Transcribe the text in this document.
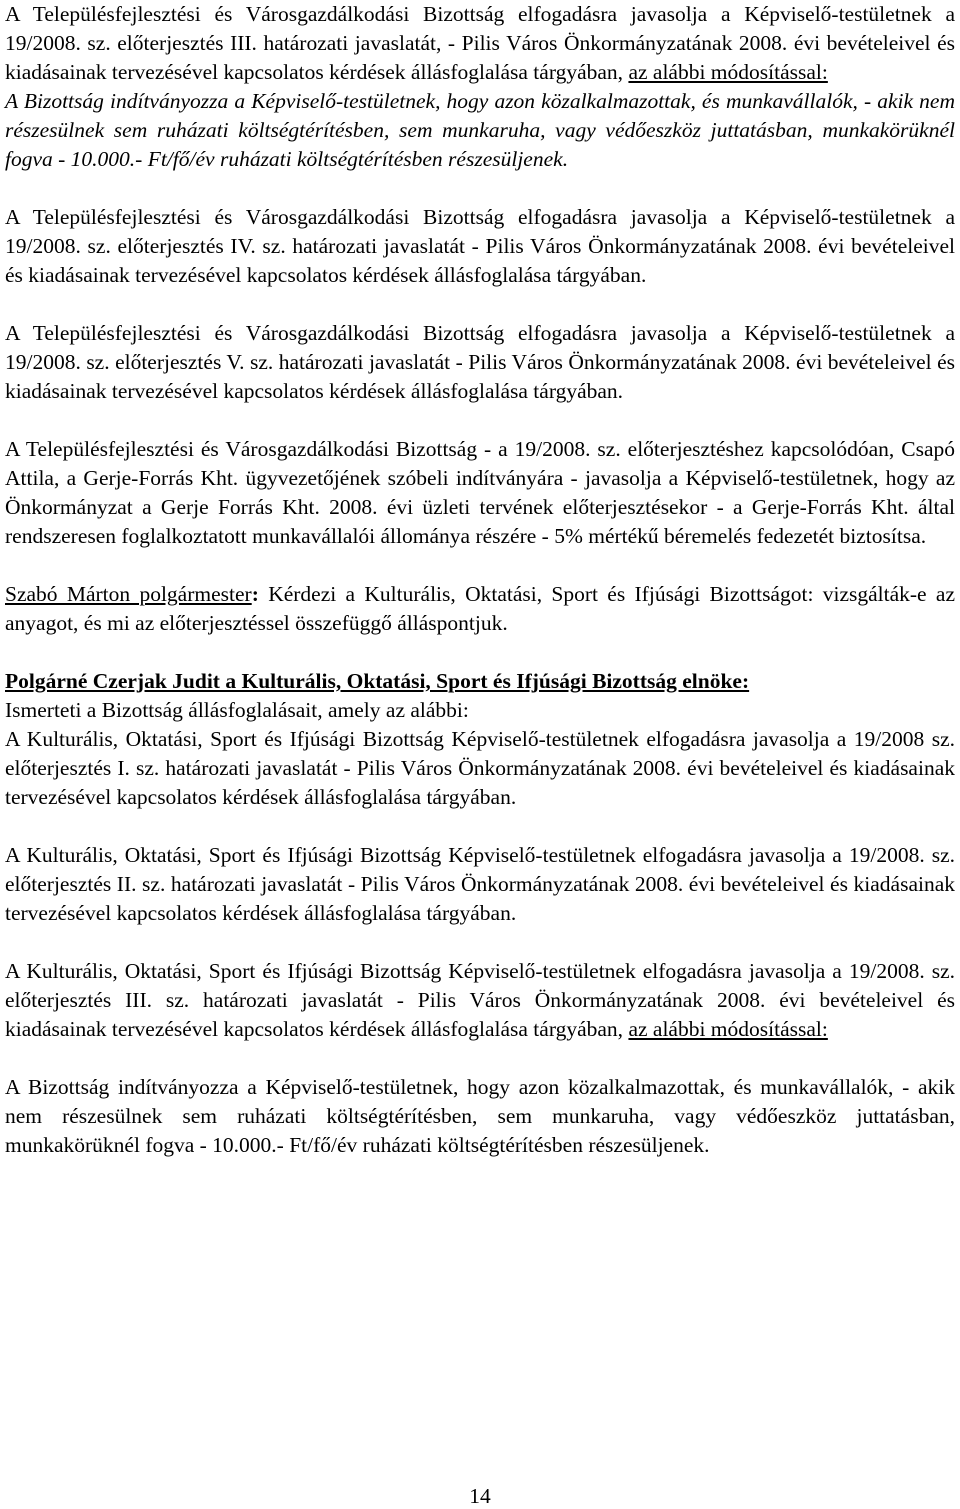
A Településfejlesztési és Városgazdálkodási Bizottság elfogadásra javasolja a Képviselő-testületnek a 19/2008. sz. előterjesztés III. határozati javaslatát, - Pilis Város Önkormányzatának 2008. évi bevételeivel és kiadásainak tervezésével kapcsolatos kérdések állásfoglalása tárgyában, az alábbi módosítással:
A Bizottság indítványozza a Képviselő-testületnek, hogy azon közalkalmazottak, és munkavállalók, - akik nem részesülnek sem ruházati költségtérítésben, sem munkaruha, vagy védőeszköz juttatásban, munkakörüknél fogva - 10.000.- Ft/fő/év ruházati költségtérítésben részesüljenek.

A Településfejlesztési és Városgazdálkodási Bizottság elfogadásra javasolja a Képviselő-testületnek a 19/2008. sz. előterjesztés IV. sz. határozati javaslatát - Pilis Város Önkormányzatának 2008. évi bevételeivel és kiadásainak tervezésével kapcsolatos kérdések állásfoglalása tárgyában.

A Településfejlesztési és Városgazdálkodási Bizottság elfogadásra javasolja a Képviselő-testületnek a 19/2008. sz. előterjesztés V. sz. határozati javaslatát - Pilis Város Önkormányzatának 2008. évi bevételeivel és kiadásainak tervezésével kapcsolatos kérdések állásfoglalása tárgyában.

A Településfejlesztési és Városgazdálkodási Bizottság - a 19/2008. sz. előterjesztéshez kapcsolódóan, Csapó Attila, a Gerje-Forrás Kht. ügyvezetőjének szóbeli indítványára - javasolja a Képviselő-testületnek, hogy az Önkormányzat a Gerje Forrás Kht. 2008. évi üzleti tervének előterjesztésekor - a Gerje-Forrás Kht. által rendszeresen foglalkoztatott munkavállalói állománya részére - 5% mértékű béremelés fedezetét biztosítsa.

Szabó Márton polgármester: Kérdezi a Kulturális, Oktatási, Sport és Ifjúsági Bizottságot: vizsgálták-e az anyagot, és mi az előterjesztéssel összefüggő álláspontjuk.

Polgárné Czerjak Judit a Kulturális, Oktatási, Sport és Ifjúsági Bizottság elnöke:
Ismerteti a Bizottság állásfoglalásait, amely az alábbi:
A Kulturális, Oktatási, Sport és Ifjúsági Bizottság Képviselő-testületnek elfogadásra javasolja a 19/2008 sz. előterjesztés I. sz. határozati javaslatát - Pilis Város Önkormányzatának 2008. évi bevételeivel és kiadásainak tervezésével kapcsolatos kérdések állásfoglalása tárgyában.

A Kulturális, Oktatási, Sport és Ifjúsági Bizottság Képviselő-testületnek elfogadásra javasolja a 19/2008. sz. előterjesztés II. sz. határozati javaslatát - Pilis Város Önkormányzatának 2008. évi bevételeivel és kiadásainak tervezésével kapcsolatos kérdések állásfoglalása tárgyában.

A Kulturális, Oktatási, Sport és Ifjúsági Bizottság Képviselő-testületnek elfogadásra javasolja a 19/2008. sz. előterjesztés III. sz. határozati javaslatát - Pilis Város Önkormányzatának 2008. évi bevételeivel és kiadásainak tervezésével kapcsolatos kérdések állásfoglalása tárgyában, az alábbi módosítással:

A Bizottság indítványozza a Képviselő-testületnek, hogy azon közalkalmazottak, és munkavállalók, - akik nem részesülnek sem ruházati költségtérítésben, sem munkaruha, vagy védőeszköz juttatásban, munkakörüknél fogva - 10.000.- Ft/fő/év ruházati költségtérítésben részesüljenek.

14
